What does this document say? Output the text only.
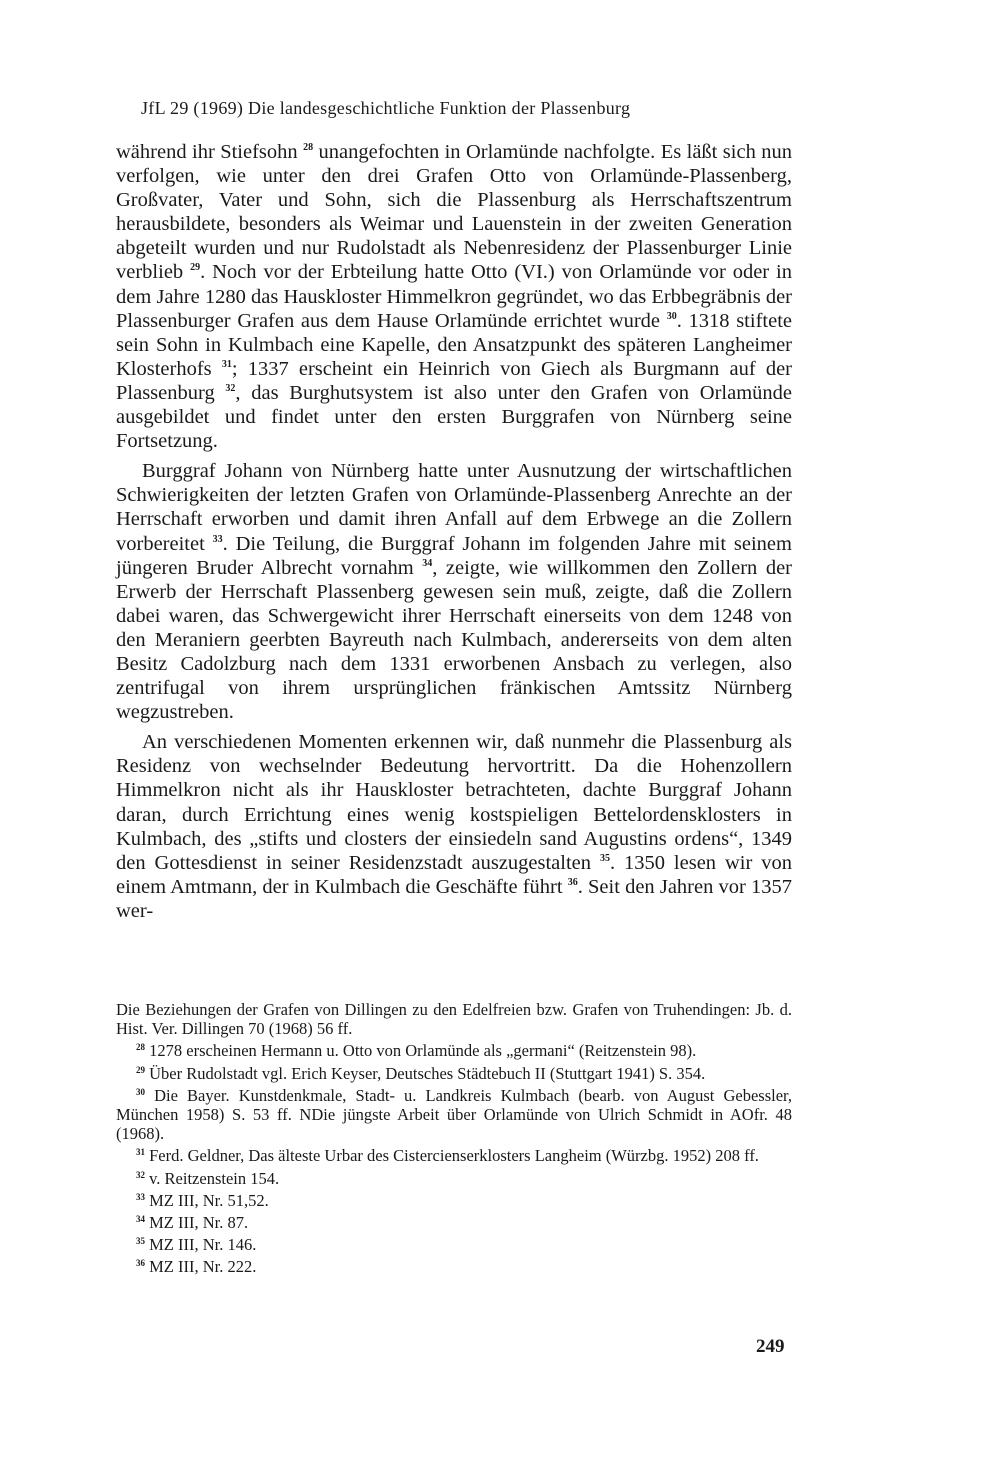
JfL 29 (1969) Die landesgeschichtliche Funktion der Plassenburg

während ihr Stiefsohn $^{28}$ unangefochten in Orlamünde nachfolgte. Es läßt sich nun verfolgen, wie unter den drei Grafen Otto von Orlamünde-Plassenberg, Großvater, Vater und Sohn, sich die Plassenburg als Herrschaftszentrum herausbildete, besonders als Weimar und Lauenstein in der zweiten Generation abgeteilt wurden und nur Rudolstadt als Nebenresidenz der Plassenburger Linie verblieb $^{29}$. Noch vor der Erbteilung hatte Otto (VI.) von Orlamünde vor oder in dem Jahre 1280 das Hauskloster Himmelkron gegründet, wo das Erbbegräbnis der Plassenburger Grafen aus dem Hause Orlamünde errichtet wurde $^{30}$. 1318 stiftete sein Sohn in Kulmbach eine Kapelle, den Ansatzpunkt des späteren Langheimer Klosterhofs $^{31}$; 1337 erscheint ein Heinrich von Giech als Burgmann auf der Plassenburg $^{32}$, das Burghutsystem ist also unter den Grafen von Orlamünde ausgebildet und findet unter den ersten Burggrafen von Nürnberg seine Fortsetzung.

Burggraf Johann von Nürnberg hatte unter Ausnutzung der wirtschaftlichen Schwierigkeiten der letzten Grafen von Orlamünde-Plassenberg Anrechte an der Herrschaft erworben und damit ihren Anfall auf dem Erbwege an die Zollern vorbereitet $^{33}$. Die Teilung, die Burggraf Johann im folgenden Jahre mit seinem jüngeren Bruder Albrecht vornahm $^{34}$, zeigte, wie willkommen den Zollern der Erwerb der Herrschaft Plassenberg gewesen sein muß, zeigte, daß die Zollern dabei waren, das Schwergewicht ihrer Herrschaft einerseits von dem 1248 von den Meraniern geerbten Bayreuth nach Kulmbach, andererseits von dem alten Besitz Cadolzburg nach dem 1331 erworbenen Ansbach zu verlegen, also zentrifugal von ihrem ursprünglichen fränkischen Amtssitz Nürnberg wegzustreben.

An verschiedenen Momenten erkennen wir, daß nunmehr die Plassenburg als Residenz von wechselnder Bedeutung hervortritt. Da die Hohenzollern Himmelkron nicht als ihr Hauskloster betrachteten, dachte Burggraf Johann daran, durch Errichtung eines wenig kostspieligen Bettelordensklosters in Kulmbach, des „stifts und closters der einsiedeln sand Augustins ordens“, 1349 den Gottesdienst in seiner Residenzstadt auszugestalten $^{35}$. 1350 lesen wir von einem Amtmann, der in Kulmbach die Geschäfte führt $^{36}$. Seit den Jahren vor 1357 wer-

Die Beziehungen der Grafen von Dillingen zu den Edelfreien bzw. Grafen von Truhendingen: Jb. d. Hist. Ver. Dillingen 70 (1968) 56 ff.
$^{28}$ 1278 erscheinen Hermann u. Otto von Orlamünde als „germani“ (Reitzenstein 98).
$^{29}$ Über Rudolstadt vgl. Erich Keyser, Deutsches Städtebuch II (Stuttgart 1941) S. 354.
$^{30}$ Die Bayer. Kunstdenkmale, Stadt- u. Landkreis Kulmbach (bearb. von August Gebessler, München 1958) S. 53 ff. NDie jüngste Arbeit über Orlamünde von Ulrich Schmidt in AOfr. 48 (1968).
$^{31}$ Ferd. Geldner, Das älteste Urbar des Cistercienserklosters Langheim (Würzbg. 1952) 208 ff.
$^{32}$ v. Reitzenstein 154.
$^{33}$ MZ III, Nr. 51,52.
$^{34}$ MZ III, Nr. 87.
$^{35}$ MZ III, Nr. 146.
$^{36}$ MZ III, Nr. 222.
249
